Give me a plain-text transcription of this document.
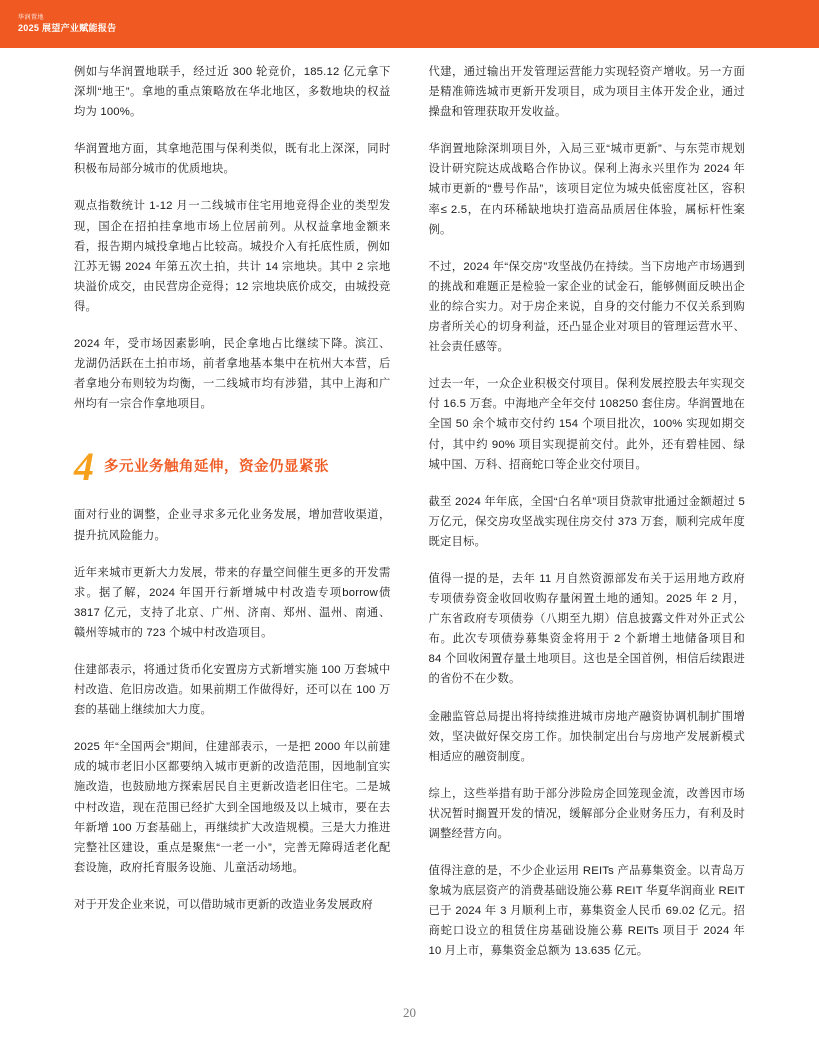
华润置地
2025 展望产业赋能报告

例如与华润置地联手，经过近 300 轮竞价，185.12 亿元拿下深圳“地王”。拿地的重点策略放在华北地区，多数地块的权益均为 100%。

华润置地方面，其拿地范围与保利类似，既有北上深深，同时积极布局部分城市的优质地块。

观点指数统计 1-12 月一二线城市住宅用地竞得企业的类型发现，国企在招拍挂拿地市场上位居前列。从权益拿地金额来看，报告期内城投拿地占比较高。城投介入有托底性质，例如江苏无锡 2024 年第五次土拍，共计 14 宗地块。其中 2 宗地块溢价成交，由民营房企竞得；12 宗地块底价成交，由城投竞得。

2024 年，受市场因素影响，民企拿地占比继续下降。滨江、龙湖仍活跃在土拍市场，前者拿地基本集中在杭州大本营，后者拿地分布则较为均衡，一二线城市均有涉猎，其中上海和广州均有一宗合作拿地项目。

4 多元业务触角延伸，资金仍显紧张

面对行业的调整，企业寻求多元化业务发展，增加营收渠道，提升抗风险能力。

近年来城市更新大力发展，带来的存量空间催生更多的开发需求。据了解，2024 年国开行新增城中村改造专项borrow债3817 亿元，支持了北京、广州、济南、郑州、温州、南通、赣州等城市的 723 个城中村改造项目。

住建部表示，将通过货币化安置房方式新增实施 100 万套城中村改造、危旧房改造。如果前期工作做得好，还可以在 100 万套的基础上继续加大力度。

2025 年“全国两会”期间，住建部表示，一是把 2000 年以前建成的城市老旧小区都要纳入城市更新的改造范围，因地制宜实施改造，也鼓励地方探索居民自主更新改造老旧住宅。二是城中村改造，现在范围已经扩大到全国地级及以上城市，要在去年新增 100 万套基础上，再继续扩大改造规模。三是大力推进完整社区建设，重点是聚焦“一老一小”，完善无障碍适老化配套设施，政府托育服务设施、儿童活动场地。

对于开发企业来说，可以借助城市更新的改造业务发展政府

代建，通过输出开发管理运营能力实现轻资产增收。另一方面是精准筛选城市更新开发项目，成为项目主体开发企业，通过操盘和管理获取开发收益。

华润置地除深圳项目外，入局三亚“城市更新”、与东莞市规划设计研究院达成战略合作协议。保利上海永兴里作为 2024 年城市更新的“豊号作品”，该项目定位为城央低密度社区，容积率≤ 2.5，在内环稀缺地块打造高品质居住体验，属标杆性案例。

不过，2024 年“保交房”攻坚战仍在持续。当下房地产市场遇到的挑战和难题正是检验一家企业的试金石，能够侧面反映出企业的综合实力。对于房企来说，自身的交付能力不仅关系到购房者所关心的切身利益，还凸显企业对项目的管理运营水平、社会责任感等。

过去一年，一众企业积极交付项目。保利发展控股去年实现交付 16.5 万套。中海地产全年交付 108250 套住房。华润置地在全国 50 余个城市交付约 154 个项目批次，100% 实现如期交付，其中约 90% 项目实现提前交付。此外，还有碧桂园、绿城中国、万科、招商蛇口等企业交付项目。

截至 2024 年年底，全国“白名单”项目贷款审批通过金额超过 5 万亿元，保交房攻坚战实现住房交付 373 万套，顺利完成年度既定目标。

值得一提的是，去年 11 月自然资源部发布关于运用地方政府专项债券资金收回收购存量闲置土地的通知。2025 年 2 月，广东省政府专项债券（八期至九期）信息披露文件对外正式公布。此次专项债券募集资金将用于 2 个新增土地储备项目和 84 个回收闲置存量土地项目。这也是全国首例，相信后续跟进的省份不在少数。

金融监管总局提出将持续推进城市房地产融资协调机制扩围增效，坚决做好保交房工作。加快制定出台与房地产发展新模式相适应的融资制度。

综上，这些举措有助于部分涉险房企回笼现金流，改善因市场状况暂时搁置开发的情况，缓解部分企业财务压力，有利及时调整经营方向。

值得注意的是，不少企业运用 REITs 产品募集资金。以青岛万象城为底层资产的消费基础设施公募 REIT 华夏华润商业 REIT 已于 2024 年 3 月顺利上市，募集资金人民币 69.02 亿元。招商蛇口设立的租赁住房基础设施公募 REITs 项目于 2024 年 10 月上市，募集资金总额为 13.635 亿元。

20
